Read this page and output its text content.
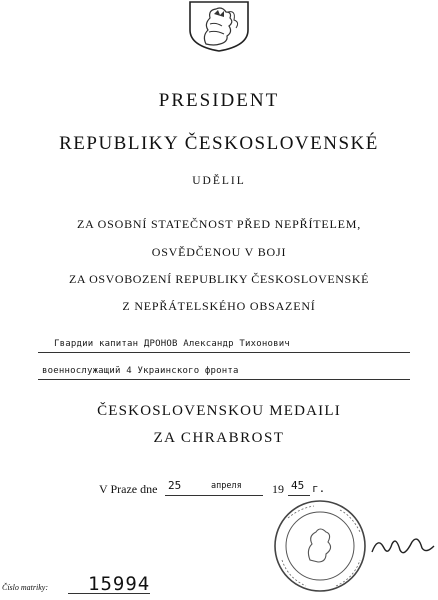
PRESIDENT
REPUBLIKY ČESKOSLOVENSKÉ
UDĚLIL
ZA OSOBNÍ STATEČNOST PŘED NEPŘÍTELEM,
OSVĚDČENOU V BOJI
ZA OSVOBOZENÍ REPUBLIKY ČESKOSLOVENSKÉ
Z NEPŘÁTELSKÉHO OBSAZENÍ
Гвардии капитан ДРОНОВ Александр Тихонович
военнослужащий 4 Украинского фронта
ČESKOSLOVENSKOU MEDAILI
ZA CHRABROST
V Praze dne 25	апреля	19 45 г.
Číslo matriky: 15994
